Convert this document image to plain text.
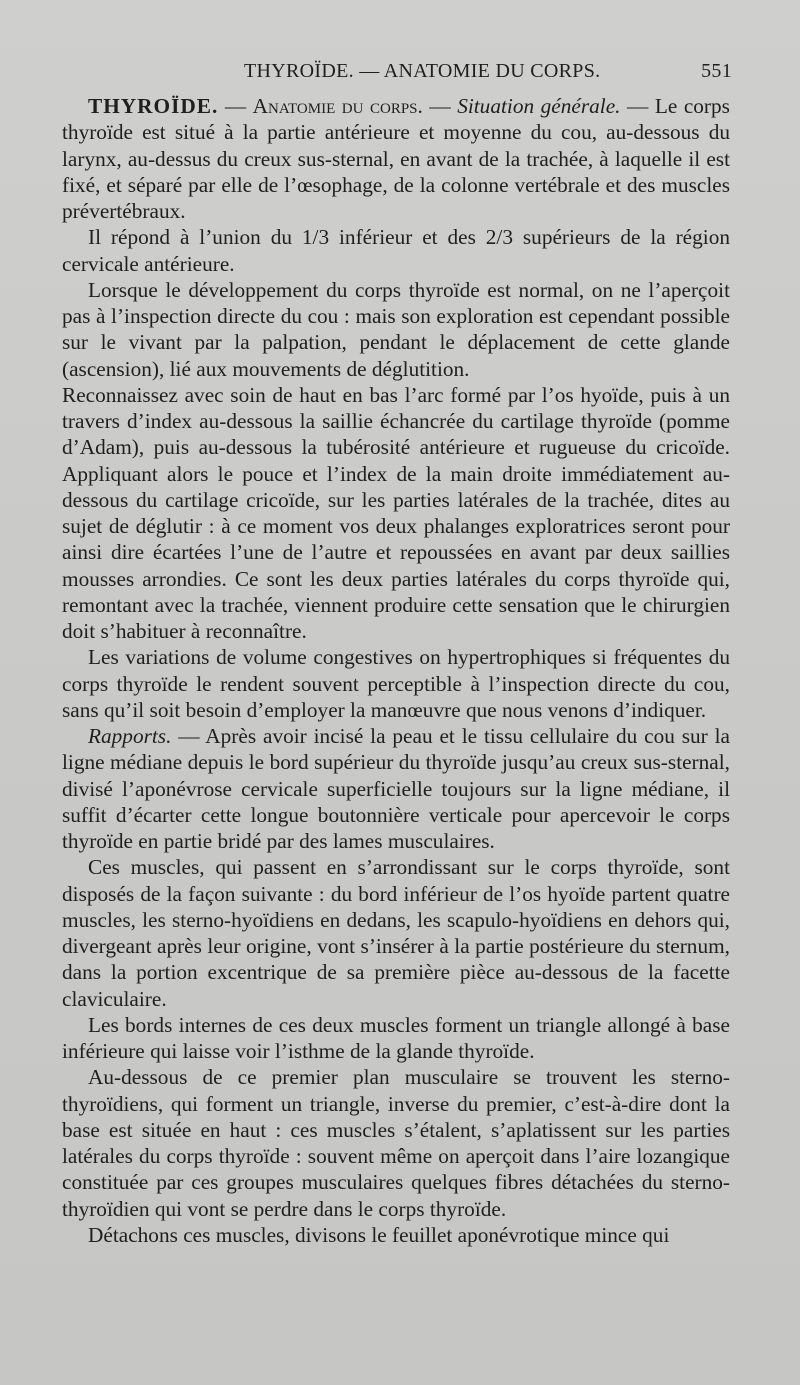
THYROÏDE. — ANATOMIE DU CORPS.	551

THYROÏDE. — Anatomie du corps. — Situation générale. — Le corps thyroïde est situé à la partie antérieure et moyenne du cou, au-dessous du larynx, au-dessus du creux sus-sternal, en avant de la trachée, à laquelle il est fixé, et séparé par elle de l’œsophage, de la colonne vertébrale et des muscles prévertébraux.

Il répond à l’union du 1/3 inférieur et des 2/3 supérieurs de la région cervicale antérieure.

Lorsque le développement du corps thyroïde est normal, on ne l’aperçoit pas à l’inspection directe du cou : mais son exploration est cependant possible sur le vivant par la palpation, pendant le déplacement de cette glande (ascension), lié aux mouvements de déglutition.

Reconnaissez avec soin de haut en bas l’arc formé par l’os hyoïde, puis à un travers d’index au-dessous la saillie échancrée du cartilage thyroïde (pomme d’Adam), puis au-dessous la tubérosité antérieure et rugueuse du cricoïde. Appliquant alors le pouce et l’index de la main droite immédiatement au-dessous du cartilage cricoïde, sur les parties latérales de la trachée, dites au sujet de déglutir : à ce moment vos deux phalanges exploratrices seront pour ainsi dire écartées l’une de l’autre et repoussées en avant par deux saillies mousses arrondies. Ce sont les deux parties latérales du corps thyroïde qui, remontant avec la trachée, viennent produire cette sensation que le chirurgien doit s’habituer à reconnaître.

Les variations de volume congestives on hypertrophiques si fréquentes du corps thyroïde le rendent souvent perceptible à l’inspection directe du cou, sans qu’il soit besoin d’employer la manœuvre que nous venons d’indiquer.

Rapports. — Après avoir incisé la peau et le tissu cellulaire du cou sur la ligne médiane depuis le bord supérieur du thyroïde jusqu’au creux sus-sternal, divisé l’aponévrose cervicale superficielle toujours sur la ligne médiane, il suffit d’écarter cette longue boutonnière verticale pour apercevoir le corps thyroïde en partie bridé par des lames musculaires.

Ces muscles, qui passent en s’arrondissant sur le corps thyroïde, sont disposés de la façon suivante : du bord inférieur de l’os hyoïde partent quatre muscles, les sterno-hyoïdiens en dedans, les scapulo-hyoïdiens en dehors qui, divergeant après leur origine, vont s’insérer à la partie postérieure du sternum, dans la portion excentrique de sa première pièce au-dessous de la facette claviculaire.

Les bords internes de ces deux muscles forment un triangle allongé à base inférieure qui laisse voir l’isthme de la glande thyroïde.

Au-dessous de ce premier plan musculaire se trouvent les sterno-thyroïdiens, qui forment un triangle, inverse du premier, c’est-à-dire dont la base est située en haut : ces muscles s’étalent, s’aplatissent sur les parties latérales du corps thyroïde : souvent même on aperçoit dans l’aire lozangique constituée par ces groupes musculaires quelques fibres détachées du sterno-thyroïdien qui vont se perdre dans le corps thyroïde.

Détachons ces muscles, divisons le feuillet aponévrotique mince qui
